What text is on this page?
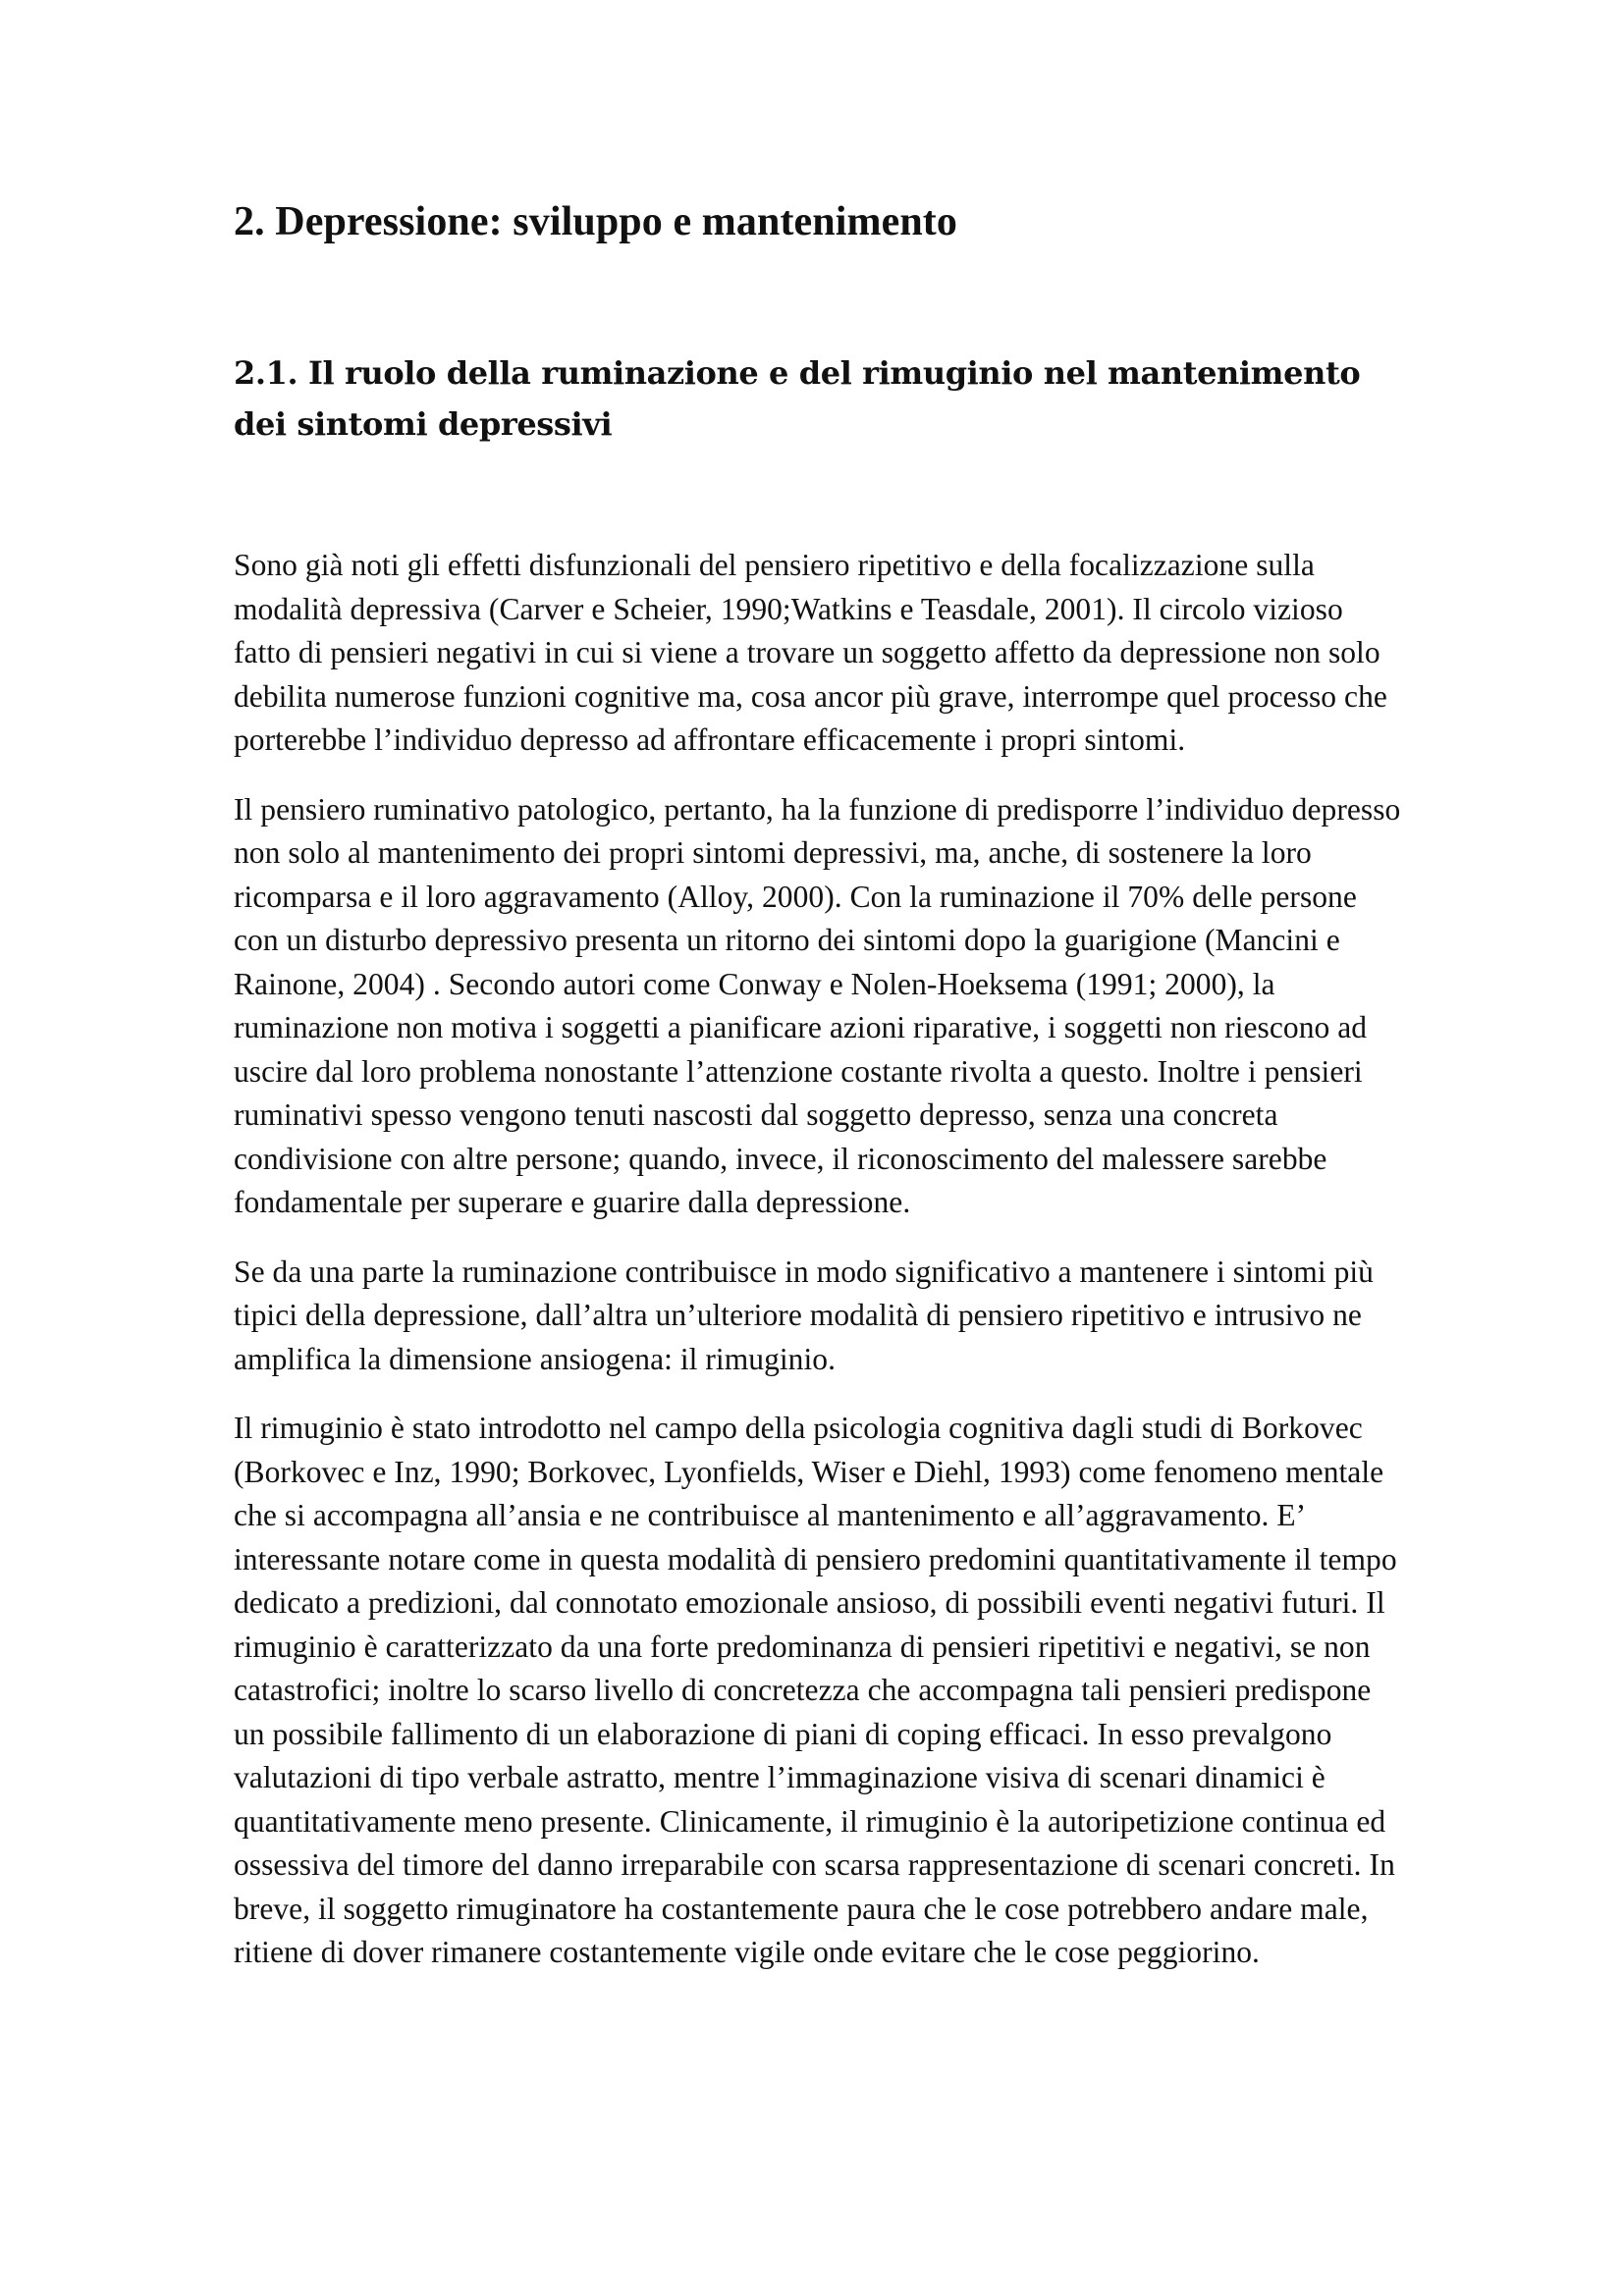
2. Depressione: sviluppo e mantenimento
2.1. Il ruolo della ruminazione e del rimuginio nel mantenimento dei sintomi depressivi

Sono già noti gli effetti disfunzionali del pensiero ripetitivo e della focalizzazione sulla modalità depressiva (Carver e Scheier, 1990;Watkins e Teasdale, 2001). Il circolo vizioso fatto di pensieri negativi in cui si viene a trovare un soggetto affetto da depressione non solo debilita numerose funzioni cognitive ma, cosa ancor più grave, interrompe quel processo che porterebbe l’individuo depresso ad affrontare efficacemente i propri sintomi.

Il pensiero ruminativo patologico, pertanto, ha la funzione di predisporre l’individuo depresso non solo al mantenimento dei propri sintomi depressivi, ma, anche, di sostenere la loro ricomparsa e il loro aggravamento (Alloy, 2000). Con la ruminazione il 70% delle persone con un disturbo depressivo presenta un ritorno dei sintomi dopo la guarigione (Mancini e Rainone, 2004) . Secondo autori come Conway e Nolen-Hoeksema (1991; 2000), la ruminazione non motiva i soggetti a pianificare azioni riparative, i soggetti non riescono ad uscire dal loro problema nonostante l’attenzione costante rivolta a questo. Inoltre i pensieri ruminativi spesso vengono tenuti nascosti dal soggetto depresso, senza una concreta condivisione con altre persone; quando, invece, il riconoscimento del malessere sarebbe fondamentale per superare e guarire dalla depressione.

Se da una parte la ruminazione contribuisce in modo significativo a mantenere i sintomi più tipici della depressione, dall’altra un’ulteriore modalità di pensiero ripetitivo e intrusivo ne amplifica la dimensione ansiogena: il rimuginio.

Il rimuginio è stato introdotto nel campo della psicologia cognitiva dagli studi di Borkovec (Borkovec e Inz, 1990; Borkovec, Lyonfields, Wiser e Diehl, 1993) come fenomeno mentale che si accompagna all’ansia e ne contribuisce al mantenimento e all’aggravamento. E’ interessante notare come in questa modalità di pensiero predomini quantitativamente il tempo dedicato a predizioni, dal connotato emozionale ansioso, di possibili eventi negativi futuri. Il rimuginio è caratterizzato da una forte predominanza di pensieri ripetitivi e negativi, se non catastrofici; inoltre lo scarso livello di concretezza che accompagna tali pensieri predispone un possibile fallimento di un elaborazione di piani di coping efficaci. In esso prevalgono valutazioni di tipo verbale astratto, mentre l’immaginazione visiva di scenari dinamici è quantitativamente meno presente. Clinicamente, il rimuginio è la autoripetizione continua ed ossessiva del timore del danno irreparabile con scarsa rappresentazione di scenari concreti. In breve, il soggetto rimuginatore ha costantemente paura che le cose potrebbero andare male, ritiene di dover rimanere costantemente vigile onde evitare che le cose peggiorino.
